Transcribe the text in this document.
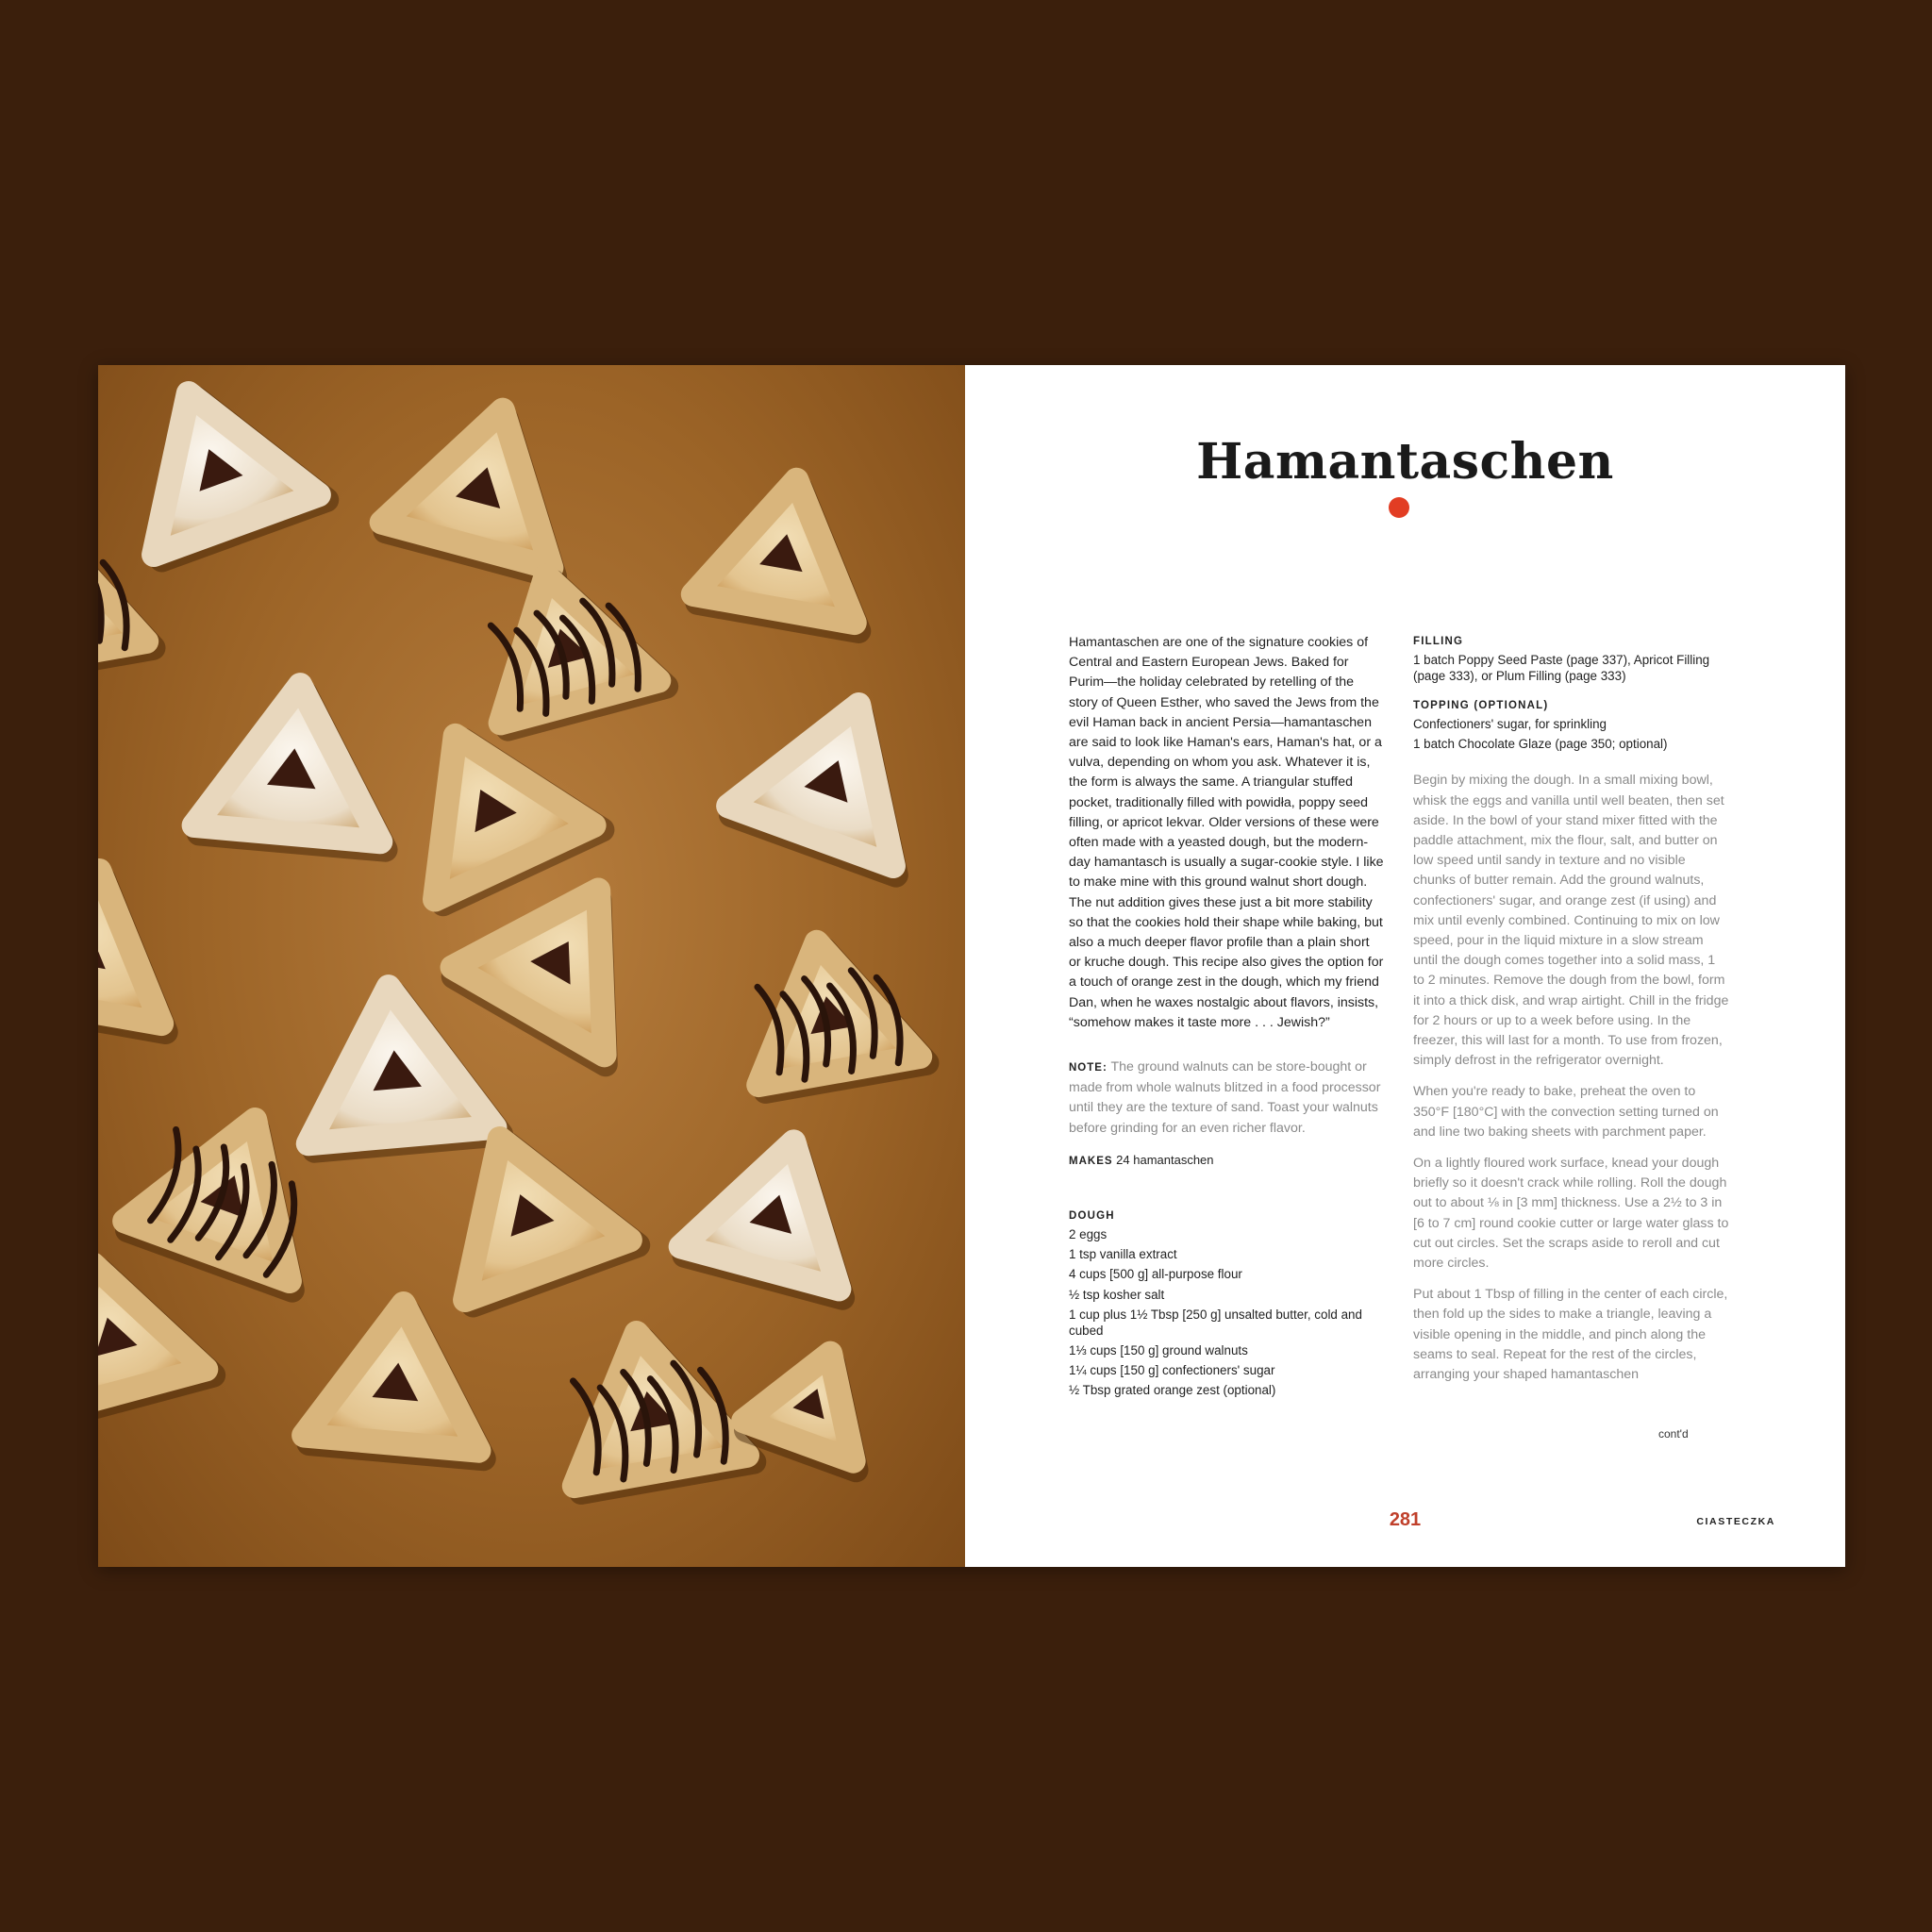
Hamantaschen

Hamantaschen are one of the signature cookies of Central and Eastern European Jews. Baked for Purim—the holiday celebrated by retelling of the story of Queen Esther, who saved the Jews from the evil Haman back in ancient Persia—hamantaschen are said to look like Haman's ears, Haman's hat, or a vulva, depending on whom you ask. Whatever it is, the form is always the same. A triangular stuffed pocket, traditionally filled with powidła, poppy seed filling, or apricot lekvar. Older versions of these were often made with a yeasted dough, but the modern-day hamantasch is usually a sugar-cookie style. I like to make mine with this ground walnut short dough. The nut addition gives these just a bit more stability so that the cookies hold their shape while baking, but also a much deeper flavor profile than a plain short or kruche dough. This recipe also gives the option for a touch of orange zest in the dough, which my friend Dan, when he waxes nostalgic about flavors, insists, “somehow makes it taste more . . . Jewish?”

NOTE: The ground walnuts can be store-bought or made from whole walnuts blitzed in a food processor until they are the texture of sand. Toast your walnuts before grinding for an even richer flavor.

MAKES 24 hamantaschen

DOUGH

2 eggs

1 tsp vanilla extract

4 cups [500 g] all-purpose flour

½ tsp kosher salt

1 cup plus 1½ Tbsp [250 g] unsalted butter, cold and cubed

1⅓ cups [150 g] ground walnuts

1¼ cups [150 g] confectioners' sugar

½ Tbsp grated orange zest (optional)

FILLING

1 batch Poppy Seed Paste (page 337), Apricot Filling (page 333), or Plum Filling (page 333)

TOPPING (OPTIONAL)

Confectioners' sugar, for sprinkling

1 batch Chocolate Glaze (page 350; optional)

Begin by mixing the dough. In a small mixing bowl, whisk the eggs and vanilla until well beaten, then set aside. In the bowl of your stand mixer fitted with the paddle attachment, mix the flour, salt, and butter on low speed until sandy in texture and no visible chunks of butter remain. Add the ground walnuts, confectioners' sugar, and orange zest (if using) and mix until evenly combined. Continuing to mix on low speed, pour in the liquid mixture in a slow stream until the dough comes together into a solid mass, 1 to 2 minutes. Remove the dough from the bowl, form it into a thick disk, and wrap airtight. Chill in the fridge for 2 hours or up to a week before using. In the freezer, this will last for a month. To use from frozen, simply defrost in the refrigerator overnight.

When you're ready to bake, preheat the oven to 350°F [180°C] with the convection setting turned on and line two baking sheets with parchment paper.

On a lightly floured work surface, knead your dough briefly so it doesn't crack while rolling. Roll the dough out to about ⅛ in [3 mm] thickness. Use a 2½ to 3 in [6 to 7 cm] round cookie cutter or large water glass to cut out circles. Set the scraps aside to reroll and cut more circles.

Put about 1 Tbsp of filling in the center of each circle, then fold up the sides to make a triangle, leaving a visible opening in the middle, and pinch along the seams to seal. Repeat for the rest of the circles, arranging your shaped hamantaschen

cont'd
281	CIASTECZKA
